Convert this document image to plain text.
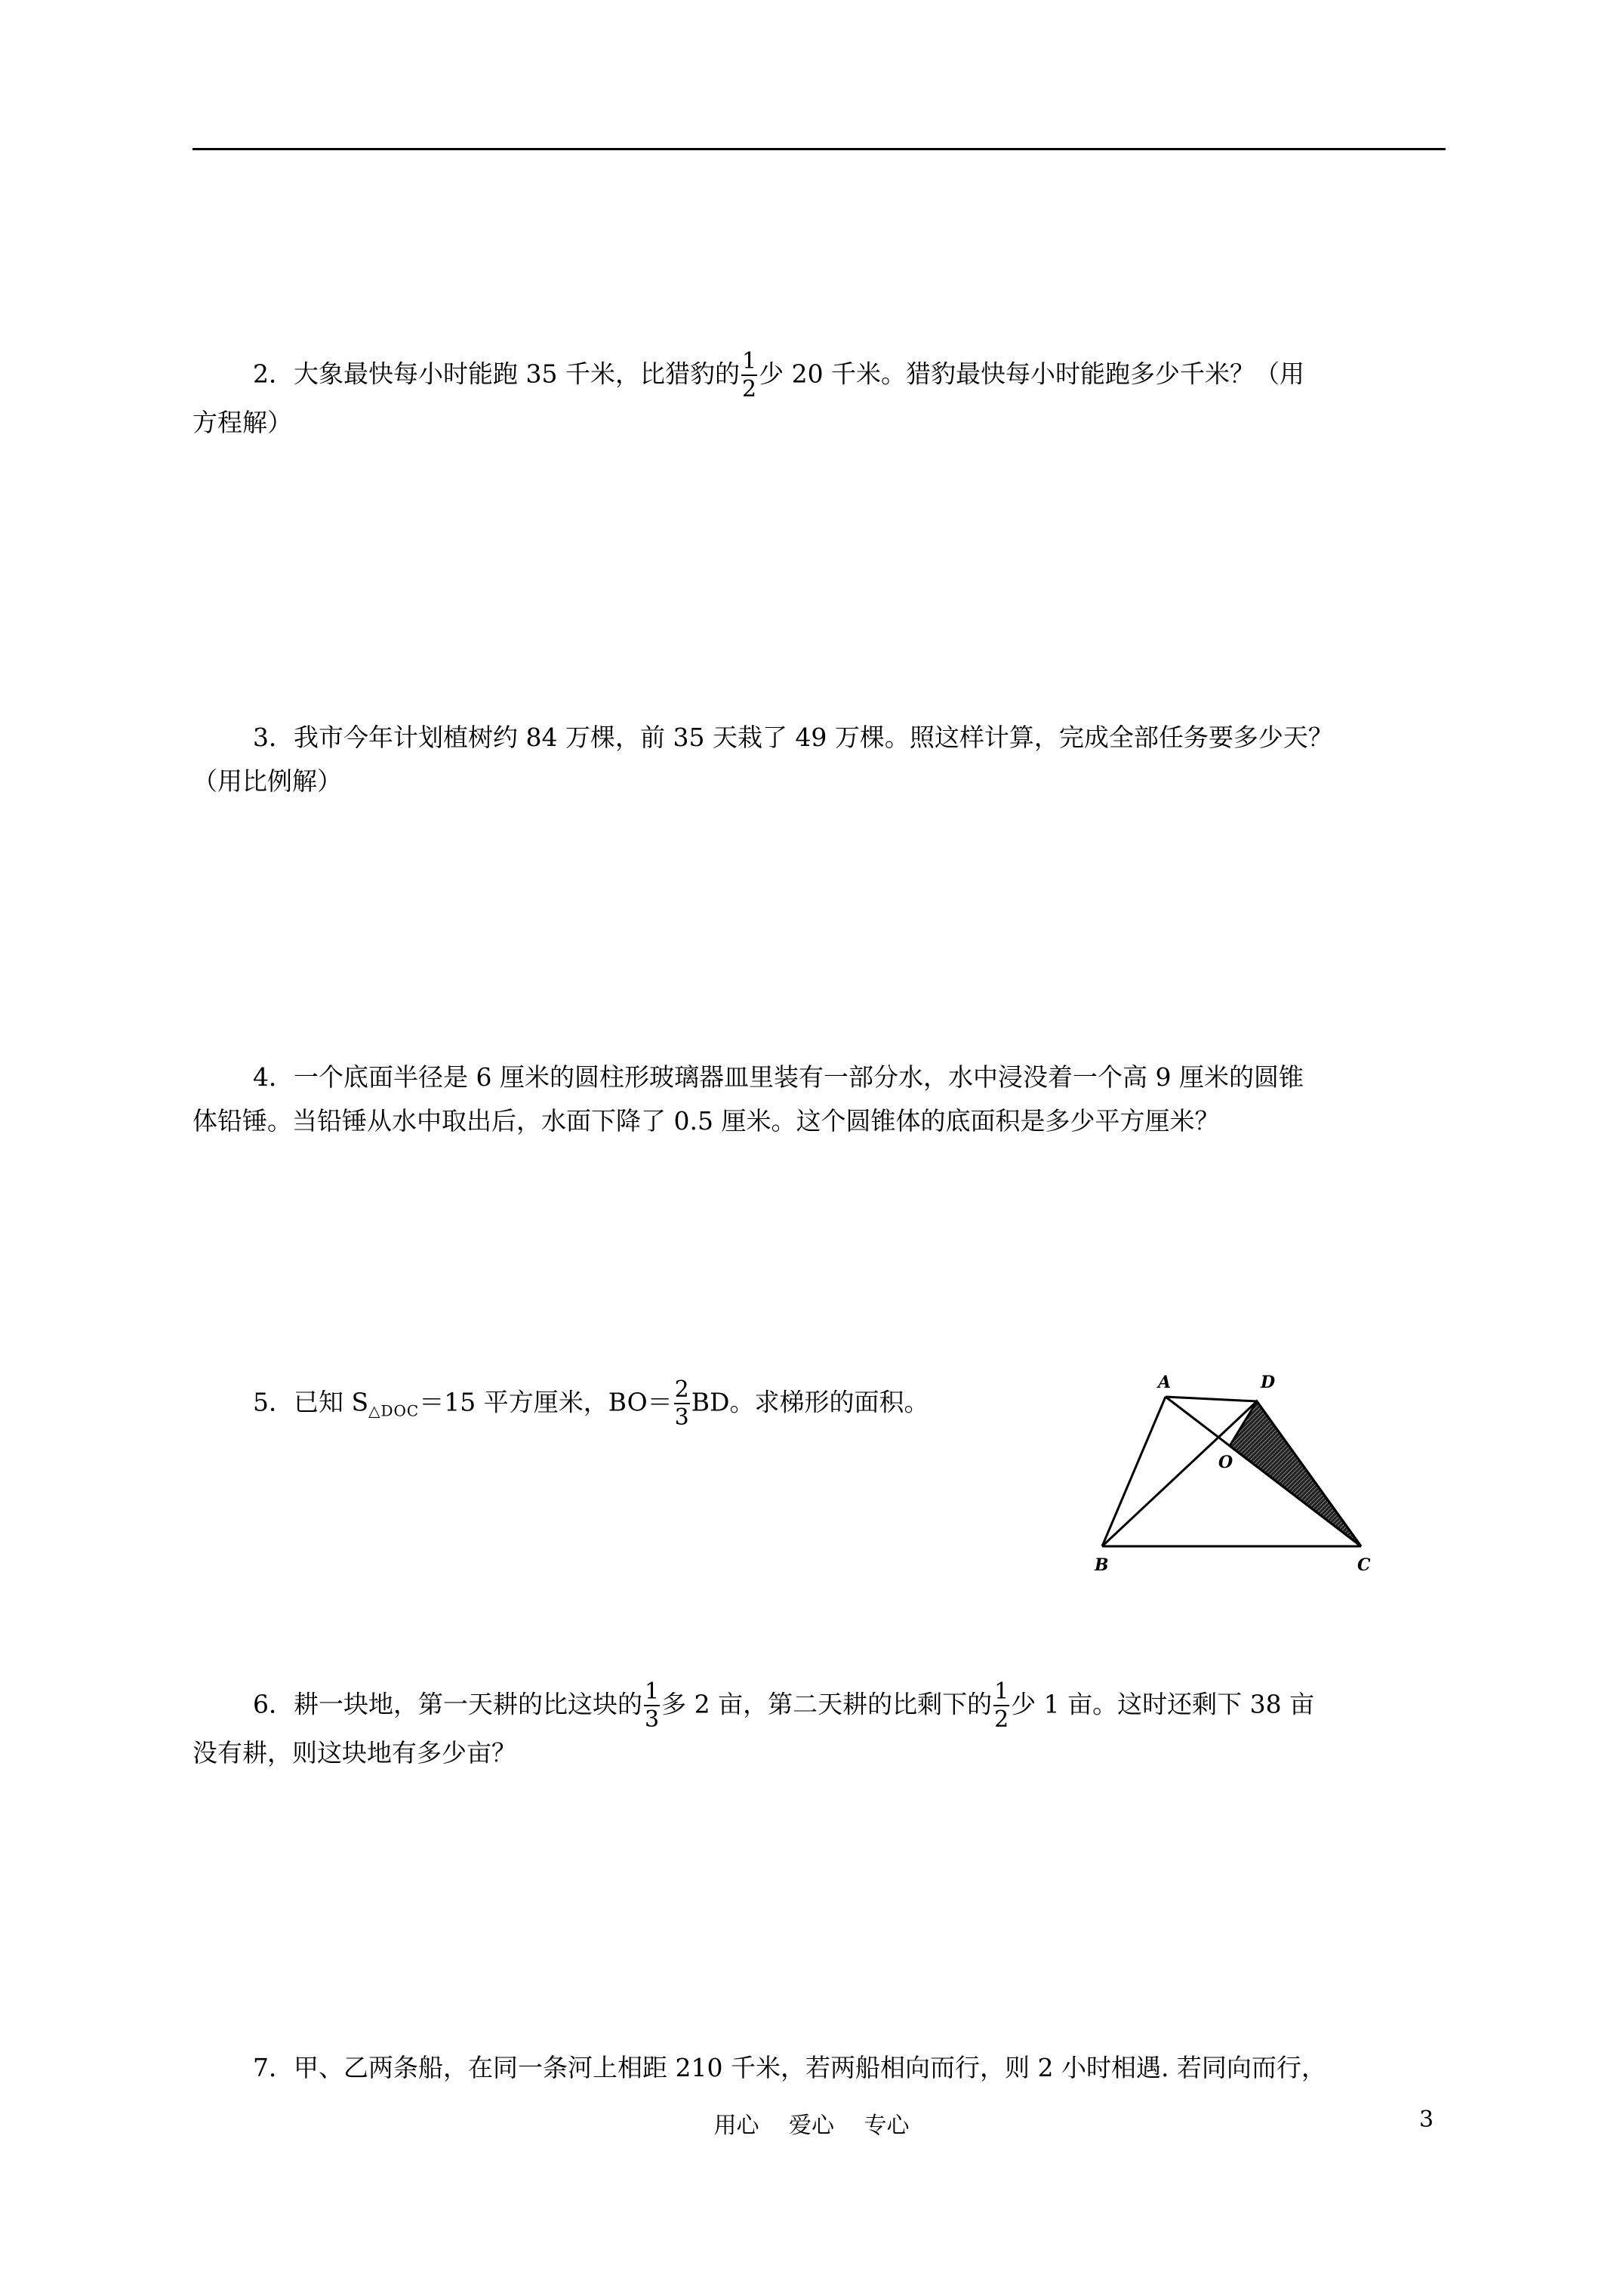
2．大象最快每小时能跑 35 千米，比猎豹的 $\frac{1}{2}$ 少 20 千米。猎豹最快每小时能跑多少千米？（用

方程解）

3．我市今年计划植树约 84 万棵，前 35 天栽了 49 万棵。照这样计算，完成全部任务要多少天？

（用比例解）

4．一个底面半径是 6 厘米的圆柱形玻璃器皿里装有一部分水，水中浸没着一个高 9 厘米的圆锥

体铅锤。当铅锤从水中取出后，水面下降了 0.5 厘米。这个圆锥体的底面积是多少平方厘米？

5．已知 $S_{\triangle DOC}=15$ 平方厘米，$BO= \frac{2}{3}$ BD。求梯形的面积。

A	D
O
B	C

6．耕一块地，第一天耕的比这块的 $\frac{1}{3}$ 多 2 亩，第二天耕的比剩下的 $\frac{1}{2}$ 少 1 亩。这时还剩下 38 亩

没有耕，则这块地有多少亩？

7．甲、乙两条船，在同一条河上相距 210 千米，若两船相向而行，则 2 小时相遇. 若同向而行，

用心 爱心 专心	3
